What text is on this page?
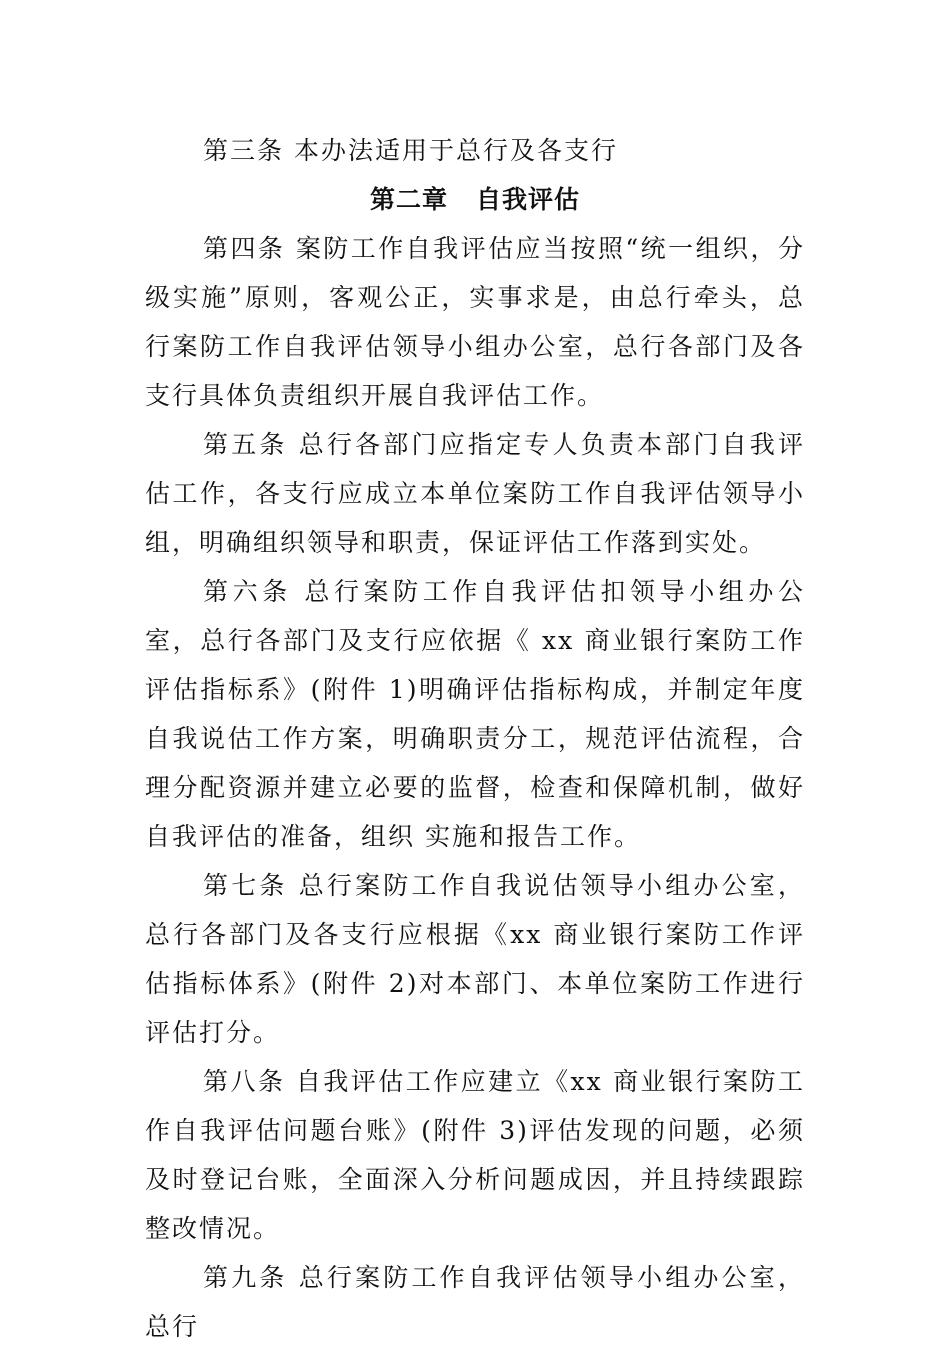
第三条 本办法适用于总行及各支行

第二章 自我评估

第四条 案防工作自我评估应当按照“统一组织，分级实施”原则，客观公正，实事求是，由总行牵头，总行案防工作自我评估领导小组办公室，总行各部门及各支行具体负责组织开展自我评估工作。

第五条 总行各部门应指定专人负责本部门自我评估工作，各支行应成立本单位案防工作自我评估领导小组，明确组织领导和职责，保证评估工作落到实处。

第六条 总行案防工作自我评估扣领导小组办公室，总行各部门及支行应依据《 xx 商业银行案防工作评估指标系》(附件 1)明确评估指标构成，并制定年度自我说估工作方案，明确职责分工，规范评估流程，合理分配资源并建立必要的监督，检查和保障机制，做好自我评估的准备，组织 实施和报告工作。

第七条 总行案防工作自我说估领导小组办公室，总行各部门及各支行应根据《xx 商业银行案防工作评估指标体系》(附件 2)对本部门、本单位案防工作进行评估打分。

第八条 自我评估工作应建立《xx 商业银行案防工作自我评估问题台账》(附件 3)评估发现的问题，必须及时登记台账，全面深入分析问题成因，并且持续跟踪整改情况。

第九条 总行案防工作自我评估领导小组办公室，总行
